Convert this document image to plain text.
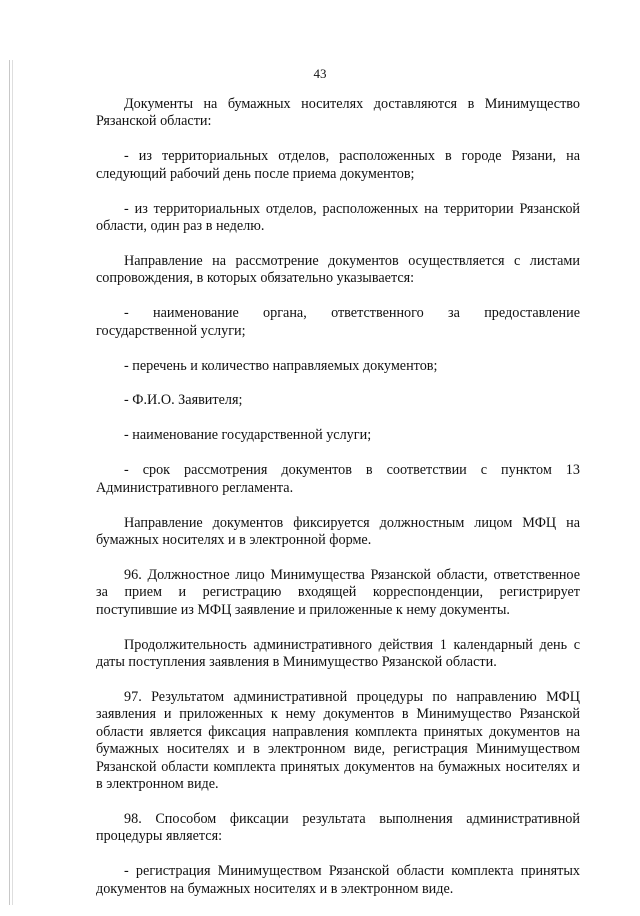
43

Документы на бумажных носителях доставляются в Минимущество Рязанской области:

- из территориальных отделов, расположенных в городе Рязани, на следующий рабочий день после приема документов;

- из территориальных отделов, расположенных на территории Рязанской области, один раз в неделю.

Направление на рассмотрение документов осуществляется с листами сопровождения, в которых обязательно указывается:

- наименование органа, ответственного за предоставление государственной услуги;

- перечень и количество направляемых документов;

- Ф.И.О. Заявителя;

- наименование государственной услуги;

- срок рассмотрения документов в соответствии с пунктом 13 Административного регламента.

Направление документов фиксируется должностным лицом МФЦ на бумажных носителях и в электронной форме.

96. Должностное лицо Минимущества Рязанской области, ответственное за прием и регистрацию входящей корреспонденции, регистрирует поступившие из МФЦ заявление и приложенные к нему документы.

Продолжительность административного действия 1 календарный день с даты поступления заявления в Минимущество Рязанской области.

97. Результатом административной процедуры по направлению МФЦ заявления и приложенных к нему документов в Минимущество Рязанской области является фиксация направления комплекта принятых документов на бумажных носителях и в электронном виде, регистрация Минимуществом Рязанской области комплекта принятых документов на бумажных носителях и в электронном виде.

98. Способом фиксации результата выполнения административной процедуры является:

- регистрация Минимуществом Рязанской области комплекта принятых документов на бумажных носителях и в электронном виде.
